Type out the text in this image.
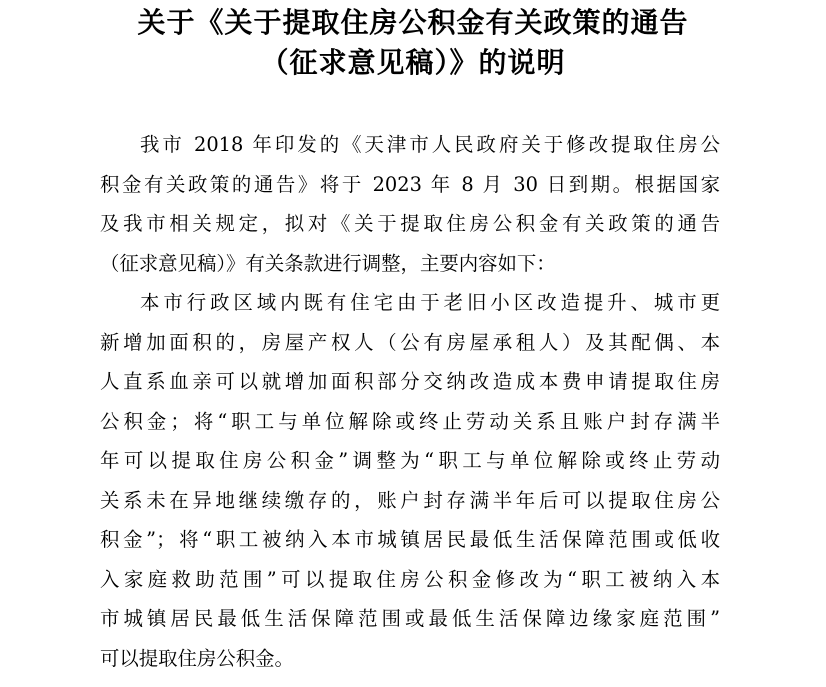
关于《关于提取住房公积金有关政策的通告
（征求意见稿）》的说明
我市 2018 年印发的《天津市人民政府关于修改提取住房公
积金有关政策的通告》将于 2023 年 8 月 30 日到期。根据国家
及我市相关规定，拟对《关于提取住房公积金有关政策的通告
（征求意见稿）》有关条款进行调整，主要内容如下：
本市行政区域内既有住宅由于老旧小区改造提升、城市更
新增加面积的，房屋产权人（公有房屋承租人）及其配偶、本
人直系血亲可以就增加面积部分交纳改造成本费申请提取住房
公积金；将“职工与单位解除或终止劳动关系且账户封存满半
年可以提取住房公积金”调整为“职工与单位解除或终止劳动
关系未在异地继续缴存的，账户封存满半年后可以提取住房公
积金”；将“职工被纳入本市城镇居民最低生活保障范围或低收
入家庭救助范围”可以提取住房公积金修改为“职工被纳入本
市城镇居民最低生活保障范围或最低生活保障边缘家庭范围”
可以提取住房公积金。
